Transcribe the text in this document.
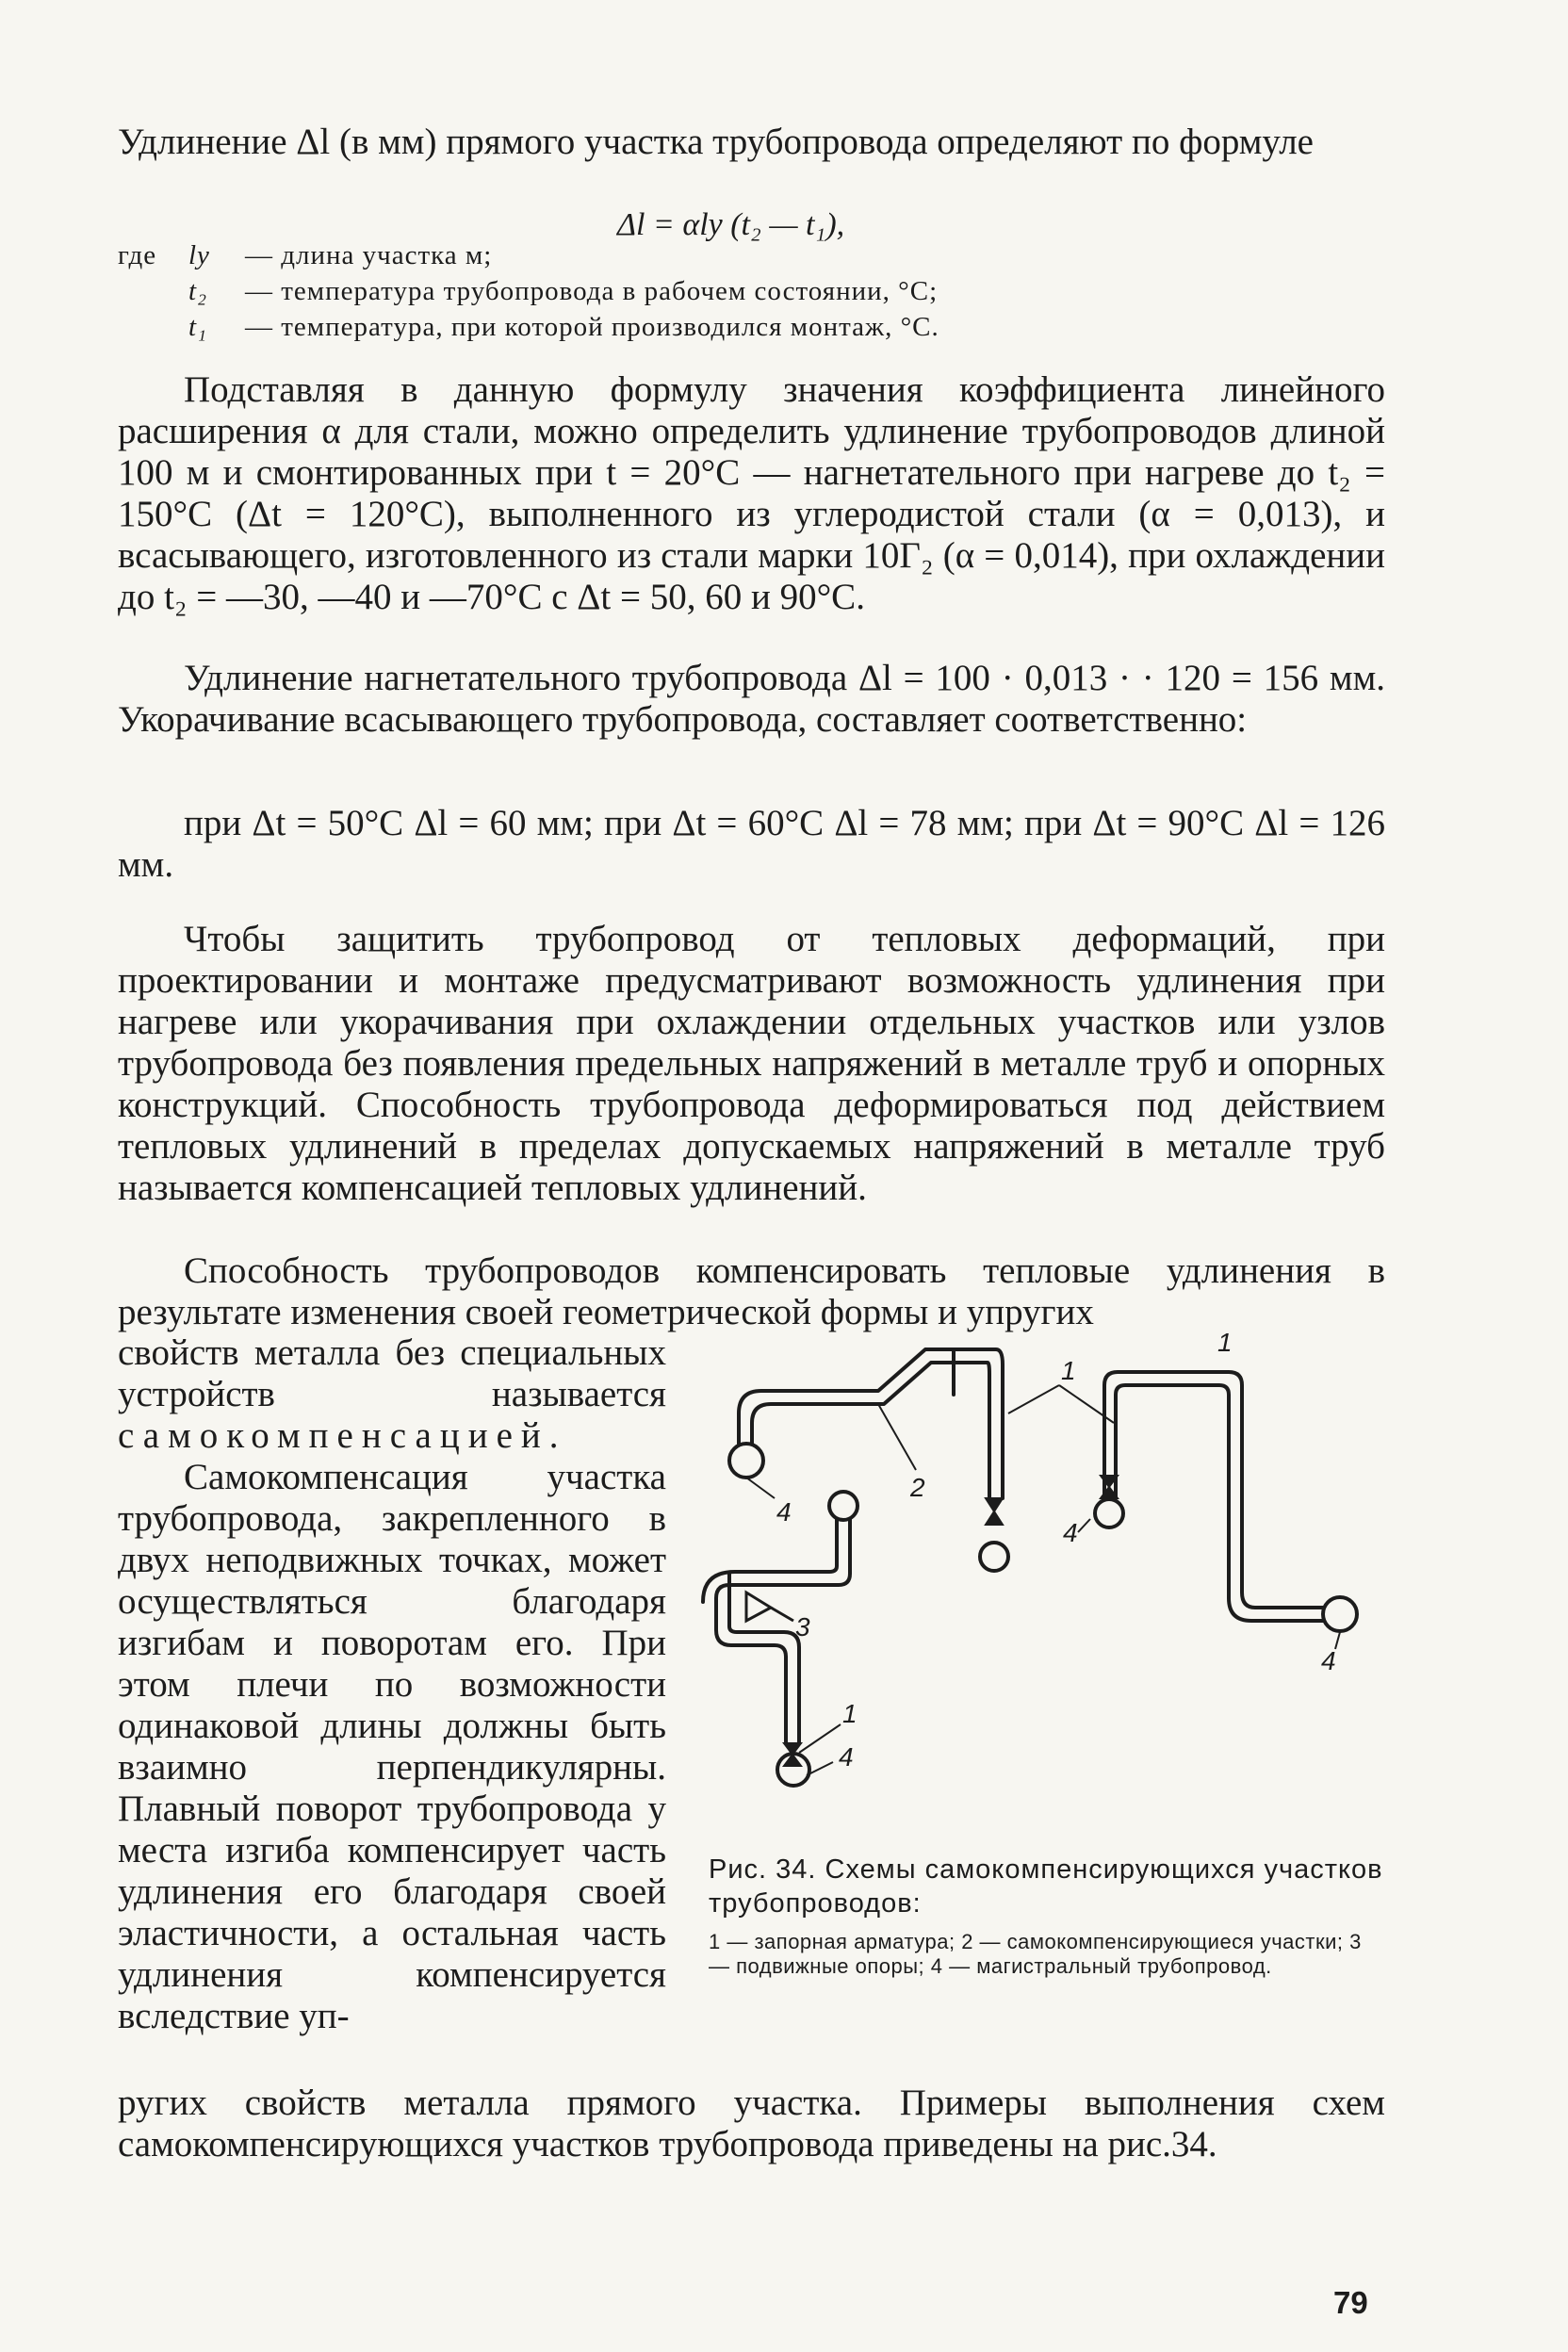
Удлинение Δl (в мм) прямого участка трубопровода определяют по формуле

Δl = αlу (t₂ — t₁),
где lу — длина участка м;
t₂ — температура трубопровода в рабочем состоянии, °С;
t₁ — температура, при которой производился монтаж, °С.

Подставляя в данную формулу значения коэффициента линейного расширения α для стали, можно определить удлинение трубопроводов длиной 100 м и смонтированных при t = 20°С — нагнетательного при нагреве до t₂ = 150°С (Δt = 120°С), выполненного из углеродистой стали (α = 0,013), и всасывающего, изготовленного из стали марки 10Г₂ (α = 0,014), при охлаждении до t₂ = —30, —40 и —70°С с Δt = 50, 60 и 90°С.

Удлинение нагнетательного трубопровода Δl = 100 · 0,013 · · 120 = 156 мм. Укорачивание всасывающего трубопровода, составляет соответственно:

при Δt = 50°С Δl = 60 мм; при Δt = 60°С Δl = 78 мм; при Δt = 90°С Δl = 126 мм.

Чтобы защитить трубопровод от тепловых деформаций, при проектировании и монтаже предусматривают возможность удлинения при нагреве или укорачивания при охлаждении отдельных участков или узлов трубопровода без появления предельных напряжений в металле труб и опорных конструкций. Способность трубопровода деформироваться под действием тепловых удлинений в пределах допускаемых напряжений в металле труб называется компенсацией тепловых удлинений.

Способность трубопроводов компенсировать тепловые удлинения в результате изменения своей геометрической формы и упругих

свойств металла без специальных устройств называется самокомпенсацией.

Самокомпенсация участка трубопровода, закрепленного в двух неподвижных точках, может осуществляться благодаря изгибам и поворотам его. При этом плечи по возможности одинаковой длины должны быть взаимно перпендикулярны. Плавный поворот трубопровода у места изгиба компенсирует часть удлинения его благодаря своей эластичности, а остальная часть удлинения компенсируется вследствие уп-

ругих свойств металла прямого участка. Примеры выполнения схем самокомпенсирующихся участков трубопровода приведены на рис.34.

1
2
4
4
1
4
3
1
4
Рис. 34. Схемы самокомпенсирующихся участков трубопроводов:
1 — запорная арматура; 2 — самокомпенсирующиеся участки; 3 — подвижные опоры; 4 — магистральный трубопровод.
79
